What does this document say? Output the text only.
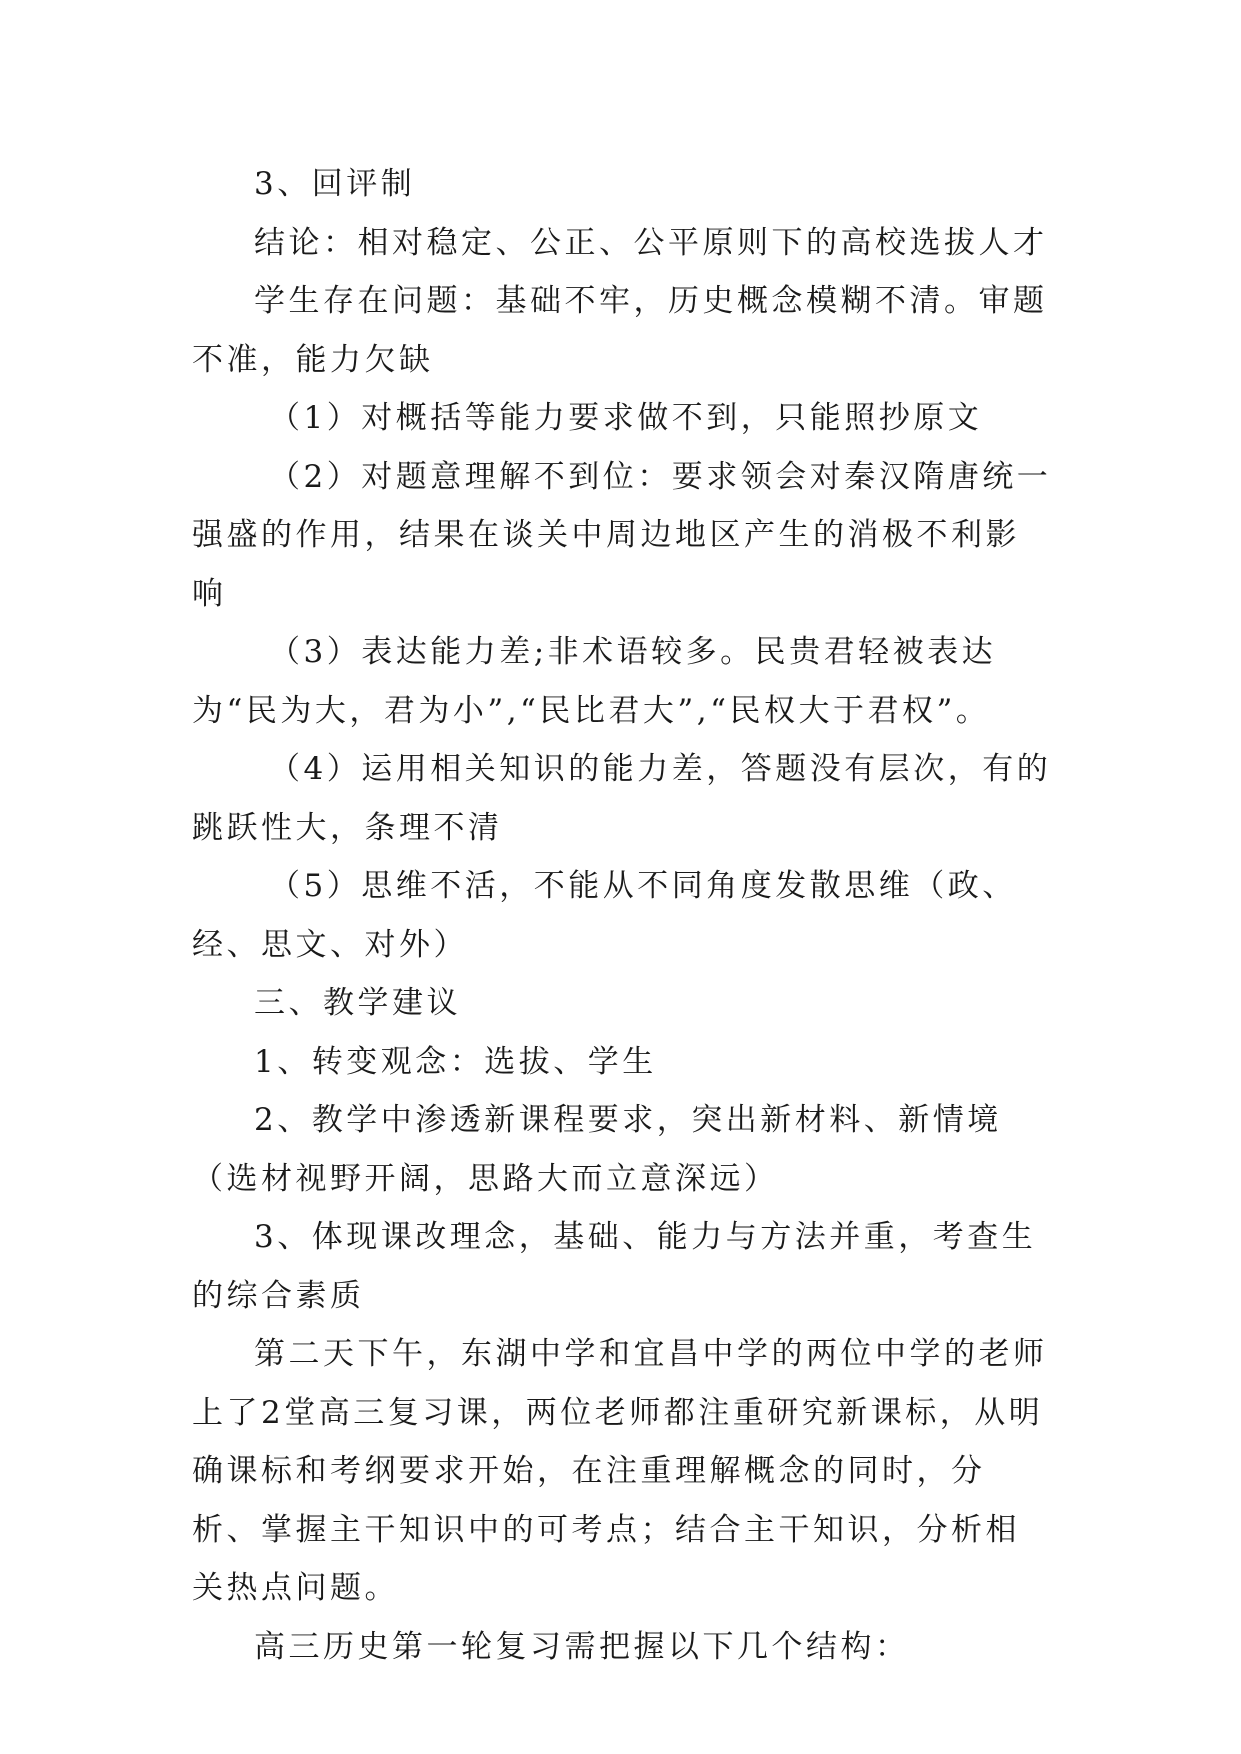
3、回评制

结论：相对稳定、公正、公平原则下的高校选拔人才

学生存在问题：基础不牢，历史概念模糊不清。审题不准，能力欠缺

（1）对概括等能力要求做不到，只能照抄原文

（2）对题意理解不到位：要求领会对秦汉隋唐统一强盛的作用，结果在谈关中周边地区产生的消极不利影响

（3）表达能力差;非术语较多。民贵君轻被表达为“民为大，君为小”,“民比君大”,“民权大于君权”。

（4）运用相关知识的能力差，答题没有层次，有的跳跃性大，条理不清

（5）思维不活，不能从不同角度发散思维（政、经、思文、对外）

三、教学建议

1、转变观念：选拔、学生

2、教学中渗透新课程要求，突出新材料、新情境（选材视野开阔，思路大而立意深远）

3、体现课改理念，基础、能力与方法并重，考查生的综合素质

第二天下午，东湖中学和宜昌中学的两位中学的老师上了2堂高三复习课，两位老师都注重研究新课标，从明确课标和考纲要求开始，在注重理解概念的同时，分析、掌握主干知识中的可考点；结合主干知识，分析相关热点问题。

高三历史第一轮复习需把握以下几个结构：
